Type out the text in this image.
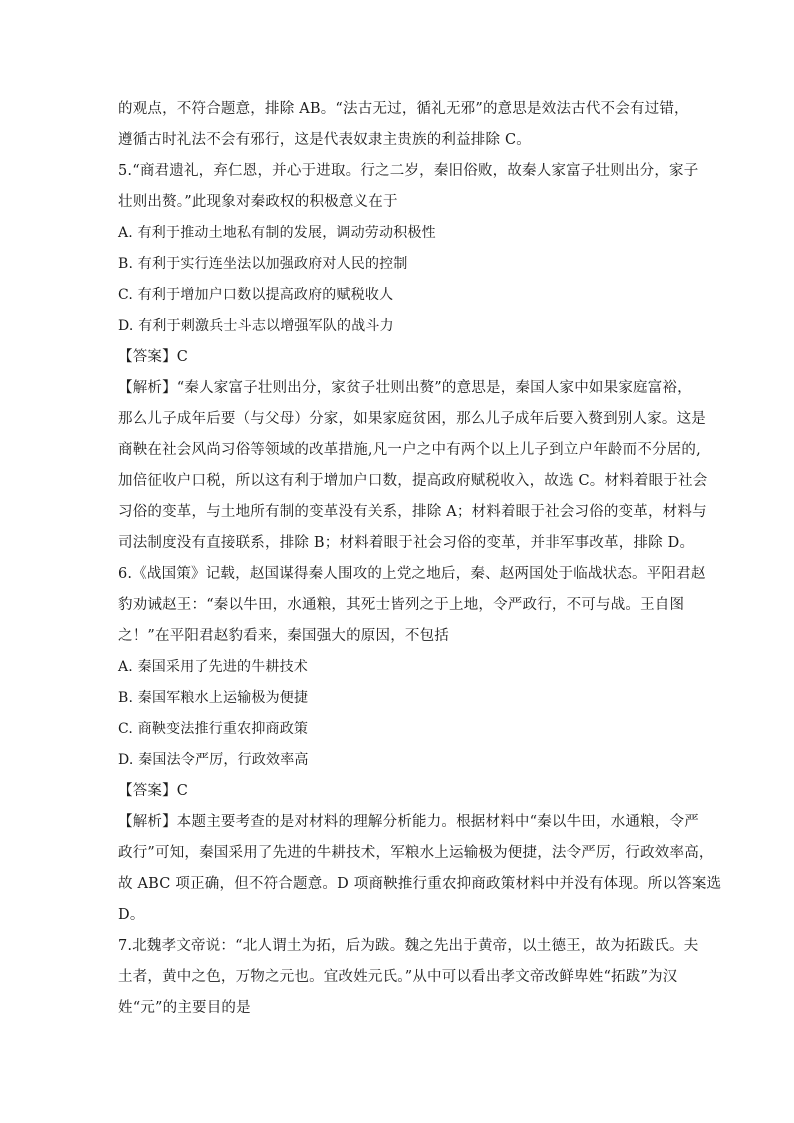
的观点，不符合题意，排除 AB。“法古无过，循礼无邪”的意思是效法古代不会有过错，
遵循古时礼法不会有邪行，这是代表奴隶主贵族的利益排除 C。
5.“商君遗礼，弃仁恩，并心于进取。行之二岁，秦旧俗败，故秦人家富子壮则出分，家子
壮则出赘。”此现象对秦政权的积极意义在于
A. 有利于推动土地私有制的发展，调动劳动积极性
B. 有利于实行连坐法以加强政府对人民的控制
C. 有利于增加户口数以提高政府的赋税收人
D. 有利于刺激兵士斗志以增强军队的战斗力
【答案】C
【解析】“秦人家富子壮则出分，家贫子壮则出赘”的意思是，秦国人家中如果家庭富裕，
那么儿子成年后要（与父母）分家，如果家庭贫困，那么儿子成年后要入赘到别人家。这是
商鞅在社会风尚习俗等领域的改革措施,凡一户之中有两个以上儿子到立户年龄而不分居的,
加倍征收户口税，所以这有利于增加户口数，提高政府赋税收入，故选 C。材料着眼于社会
习俗的变革，与土地所有制的变革没有关系，排除 A；材料着眼于社会习俗的变革，材料与
司法制度没有直接联系，排除 B；材料着眼于社会习俗的变革，并非军事改革，排除 D。
6.《战国策》记载，赵国谋得秦人围攻的上党之地后，秦、赵两国处于临战状态。平阳君赵
豹劝诫赵王：“秦以牛田，水通粮，其死士皆列之于上地，令严政行，不可与战。王自图
之！”在平阳君赵豹看来，秦国强大的原因，不包括
A. 秦国采用了先进的牛耕技术
B. 秦国军粮水上运输极为便捷
C. 商鞅变法推行重农抑商政策
D. 秦国法令严厉，行政效率高
【答案】C
【解析】本题主要考查的是对材料的理解分析能力。根据材料中“秦以牛田，水通粮，令严
政行”可知，秦国采用了先进的牛耕技术，军粮水上运输极为便捷，法令严厉，行政效率高，
故 ABC 项正确，但不符合题意。D 项商鞅推行重农抑商政策材料中并没有体现。所以答案选
D。
7.北魏孝文帝说：“北人谓土为拓，后为跋。魏之先出于黄帝，以土德王，故为拓跋氏。夫
土者，黄中之色，万物之元也。宜改姓元氏。”从中可以看出孝文帝改鲜卑姓“拓跋”为汉
姓“元”的主要目的是
